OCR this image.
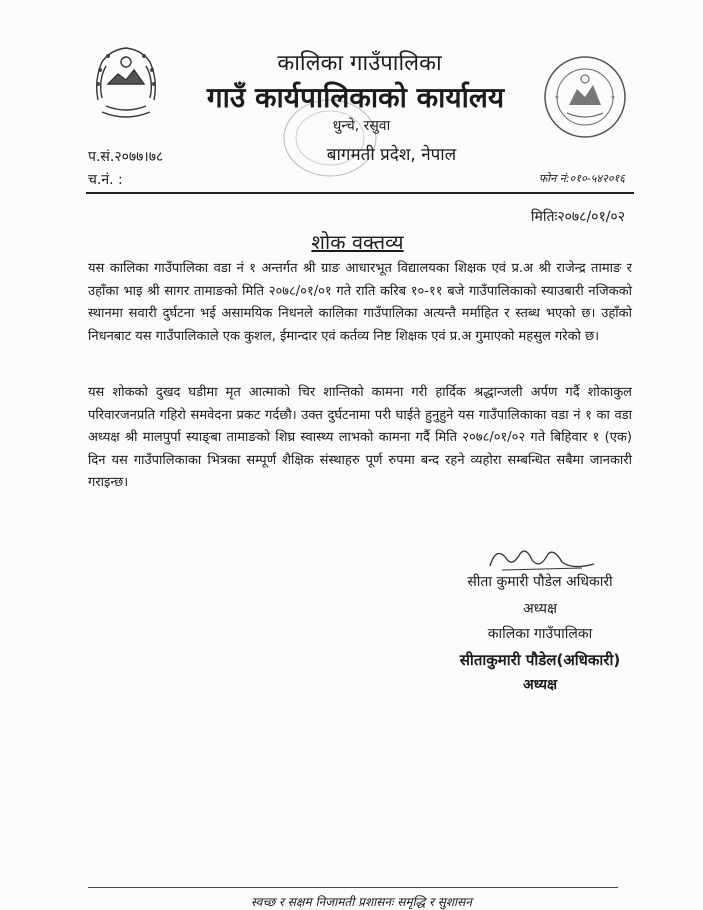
कालिका गाउँपालिका
गाउँ कार्यपालिकाको कार्यालय
धुन्चे, रसुवा
बागमती प्रदेश, नेपाल
प.सं.२०७७।७८
च.नं. :	फोन नं:०१०-५४२०१६
मितिः२०७८/०१/०२
शोक वक्तव्य
यस कालिका गाउँपालिका वडा नं १ अन्तर्गत श्री ग्राङ आधारभूत विद्यालयका शिक्षक एवं प्र.अ श्री राजेन्द्र तामाङ र उहाँका भाइ श्री सागर तामाङको मिति २०७८/०१/०१ गते राति करिब १०-११ बजे गाउँपालिकाको स्याउबारी नजिकको स्थानमा सवारी दुर्घटना भई असामयिक निधनले कालिका गाउँपालिका अत्यन्तै मर्माहित र स्तब्ध भएको छ। उहाँको निधनबाट यस गाउँपालिकाले एक कुशल, ईमान्दार एवं कर्तव्य निष्ट शिक्षक एवं प्र.अ गुमाएको महसुल गरेको छ।
यस शोकको दुखद घडीमा मृत आत्माको चिर शान्तिको कामना गरी हार्दिक श्रद्धान्जली अर्पण गर्दै शोकाकुल परिवारजनप्रति गहिरो समवेदना प्रकट गर्दछौ। उक्त दुर्घटनामा परी घाईते हुनुहुने यस गाउँपालिकाका वडा नं १ का वडा अध्यक्ष श्री मालपुर्पा स्याङ्बा तामाङको शिघ्र स्वास्थ्य लाभको कामना गर्दै मिति २०७८/०१/०२ गते बिहिवार १ (एक) दिन यस गाउँपालिकाका भित्रका सम्पूर्ण शैक्षिक संस्थाहरु पूर्ण रुपमा बन्द रहने व्यहोरा सम्बन्धित सबैमा जानकारी गराइन्छ।
सीता कुमारी पौडेल अधिकारी
अध्यक्ष
कालिका गाउँपालिका
सीताकुमारी पौडेल(अधिकारी)
अध्यक्ष
स्वच्छ र सक्षम निजामती प्रशासनः समृद्धि र सुशासन
